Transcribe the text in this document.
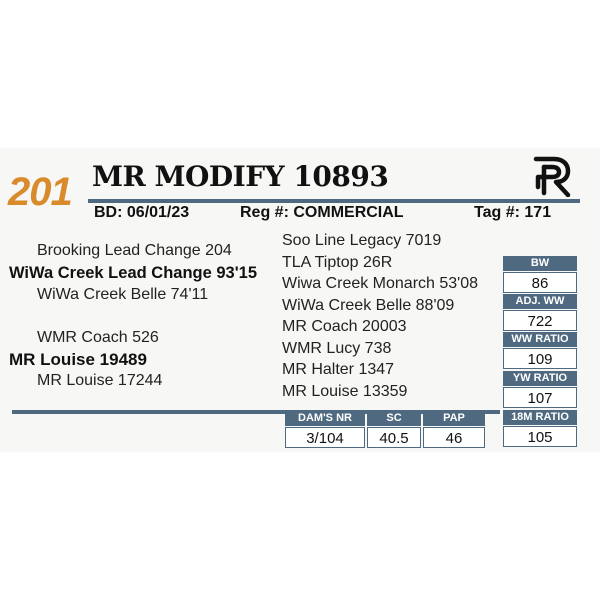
201 MR MODIFY 10893
BD: 06/01/23	Reg #: COMMERCIAL	Tag #: 171
Brooking Lead Change 204
WiWa Creek Lead Change 93'15
WiWa Creek Belle 74'11
WMR Coach 526
MR Louise 19489
MR Louise 17244
Soo Line Legacy 7019
TLA Tiptop 26R
Wiwa Creek Monarch 53'08
WiWa Creek Belle 88'09
MR Coach 20003
WMR Lucy 738
MR Halter 1347
MR Louise 13359
BW
86
ADJ. WW
722
WW RATIO
109
YW RATIO
107
18M RATIO
105
DAM'S NR
3/104
SC
40.5
PAP
46
